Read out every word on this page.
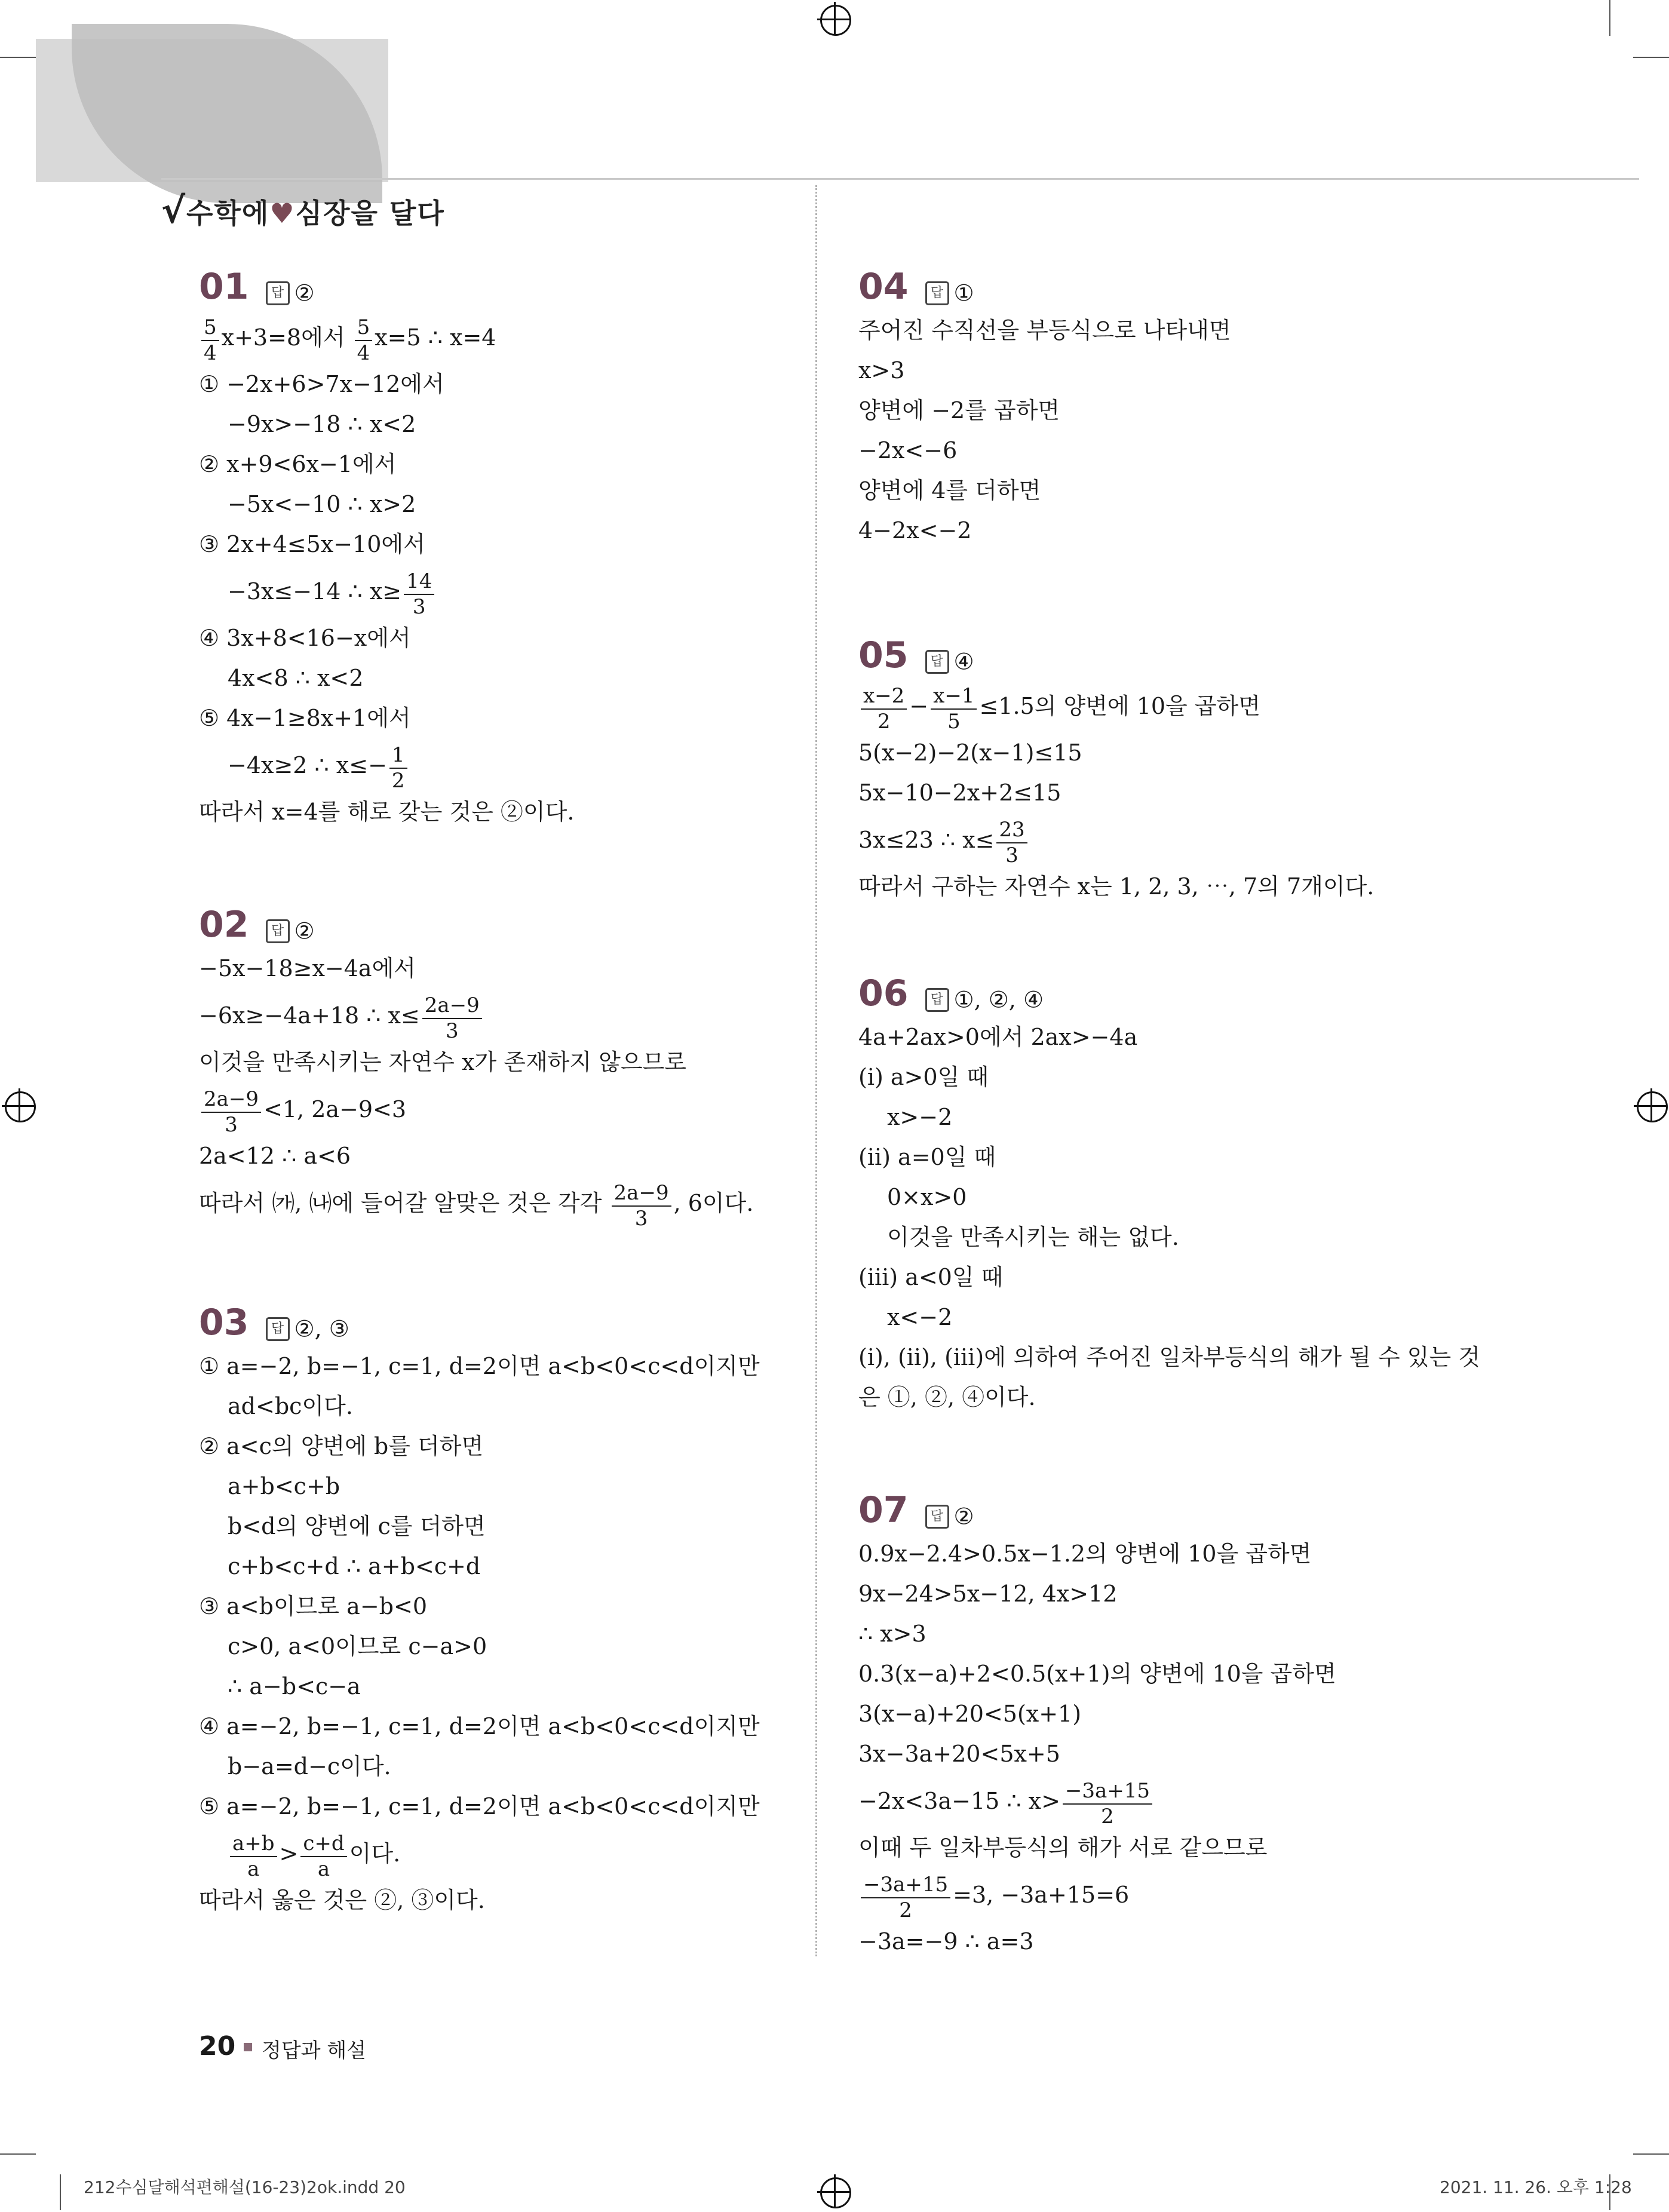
√수학에♥심장을 달다
01 답 ②
$\frac{5}{4} x+3=8$에서 $\frac{5}{4} x=5$ ∴ x=4
① −2x+6>7x−12에서
−9x>−18 ∴ x<2
② x+9<6x−1에서
−5x<−10 ∴ x>2
③ 2x+4≤5x−10에서
−3x≤−14 ∴ $x\ge \frac{14}{3}$
④ 3x+8<16−x에서
4x<8 ∴ x<2
⑤ 4x−1≥8x+1에서
−4x≥2 ∴ $x\le- \frac{1}{2}$
따라서 x=4를 해로 갖는 것은 ②이다.
02 답 ②
−5x−18≥x−4a에서
−6x≥−4a+18 ∴ $x\le \frac{2a-9}{3}$
이것을 만족시키는 자연수 x가 존재하지 않으므로
$\frac{2a-9}{3} <1$, 2a−9<3
2a<12 ∴ a<6
따라서 ㈎, ㈏에 들어갈 알맞은 것은 각각 $\frac{2a-9}{3}$ , 6이다.
03 답 ②, ③
① a=−2, b=−1, c=1, d=2이면 a<b<0<c<d이지만
ad<bc이다.
② a<c의 양변에 b를 더하면
a+b<c+b
b<d의 양변에 c를 더하면
c+b<c+d ∴ a+b<c+d
③ a<b이므로 a−b<0
c>0, a<0이므로 c−a>0
∴ a−b<c−a
④ a=−2, b=−1, c=1, d=2이면 a<b<0<c<d이지만
b−a=d−c이다.
⑤ a=−2, b=−1, c=1, d=2이면 a<b<0<c<d이지만
$\frac{a+b}{a} > \frac{c+d}{a}$ 이다.
따라서 옳은 것은 ②, ③이다.
04 답 ①
주어진 수직선을 부등식으로 나타내면
x>3
양변에 −2를 곱하면
−2x<−6
양변에 4를 더하면
4−2x<−2
05 답 ④
$\frac{x-2}{2} - \frac{x-1}{5} \le 1.5$의 양변에 10을 곱하면
5(x−2)−2(x−1)≤15
5x−10−2x+2≤15
3x≤23 ∴ $x\le \frac{23}{3}$
따라서 구하는 자연수 x는 1, 2, 3, ⋯, 7의 7개이다.
06 답 ①, ②, ④
4a+2ax>0에서 2ax>−4a
(ⅰ) a>0일 때
x>−2
(ⅱ) a=0일 때
0×x>0
이것을 만족시키는 해는 없다.
(ⅲ) a<0일 때
x<−2
(ⅰ), (ⅱ), (ⅲ)에 의하여 주어진 일차부등식의 해가 될 수 있는 것
은 ①, ②, ④이다.
07 답 ②
0.9x−2.4>0.5x−1.2의 양변에 10을 곱하면
9x−24>5x−12, 4x>12
∴ x>3
0.3(x−a)+2<0.5(x+1)의 양변에 10을 곱하면
3(x−a)+20<5(x+1)
3x−3a+20<5x+5
−2x<3a−15 ∴ $x> \frac{-3a+15}{2}$
이때 두 일차부등식의 해가 서로 같으므로
$\frac{-3a+15}{2} =3$, −3a+15=6
−3a=−9 ∴ a=3
20 정답과 해설
212수심달해석편해설(16-23)2ok.indd 20	2021. 11. 26. 오후 1:28
